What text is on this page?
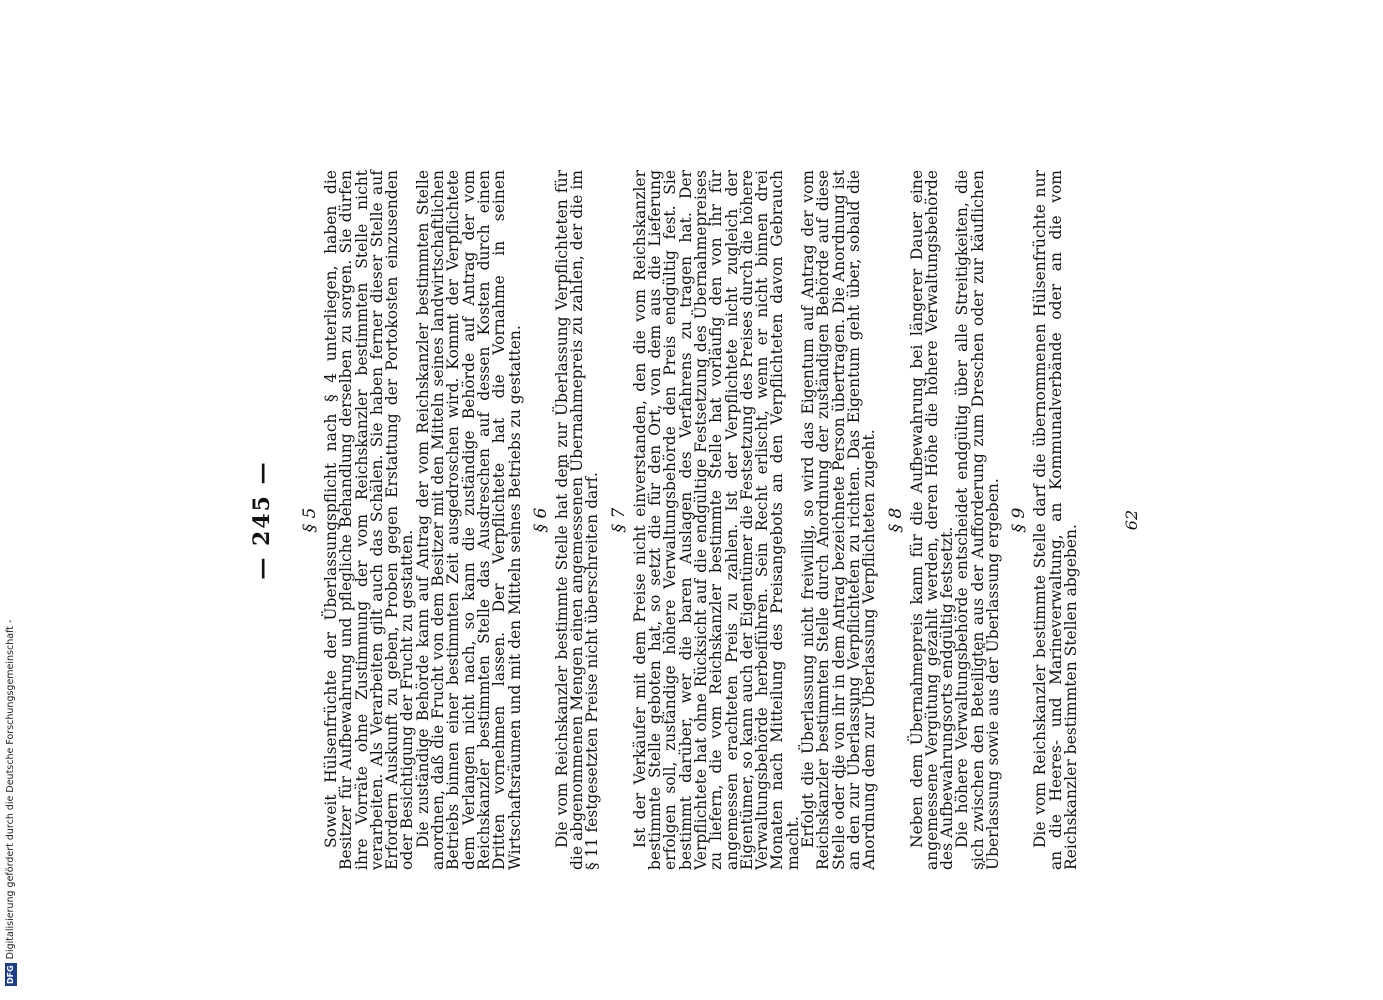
— 245 —	§ 5 Soweit Hülsenfrüchte der Überlassungspflicht nach § 4 unterliegen, haben die Besitzer für Aufbewahrung und pflegliche Behandlung derselben zu sorgen. Sie dürfen ihre Vorräte ohne Zustimmung der vom Reichskanzler bestimmten Stelle nicht verarbeiten. Als Verarbeiten gilt auch das Schälen. Sie haben ferner dieser Stelle auf Erfordern Auskunft zu geben, Proben gegen Erstattung der Portokosten einzusenden oder Besichtigung der Frucht zu gestatten.

Die zuständige Behörde kann auf Antrag der vom Reichskanzler bestimmten Stelle anordnen, daß die Frucht von dem Besitzer mit den Mitteln seines landwirtschaftlichen Betriebs binnen einer bestimmten Zeit ausgedroschen wird. Kommt der Verpflichtete dem Verlangen nicht nach, so kann die zuständige Behörde auf Antrag der vom Reichskanzler bestimmten Stelle das Ausdreschen auf dessen Kosten durch einen Dritten vornehmen lassen. Der Verpflichtete hat die Vornahme in seinen Wirtschaftsräumen und mit den Mitteln seines Betriebs zu gestatten. § 6 Die vom Reichskanzler bestimmte Stelle hat dem zur Überlassung Verpflichteten für die abgenommenen Mengen einen angemessenen Übernahmepreis zu zahlen, der die im § 11 festgesetzten Preise nicht überschreiten darf. § 7 Ist der Verkäufer mit dem Preise nicht einverstanden, den die vom Reichskanzler bestimmte Stelle geboten hat, so setzt die für den Ort, von dem aus die Lieferung erfolgen soll, zuständige höhere Verwaltungsbehörde den Preis endgültig fest. Sie bestimmt darüber, wer die baren Auslagen des Verfahrens zu tragen hat. Der Verpflichtete hat ohne Rücksicht auf die endgültige Festsetzung des Übernahmepreises zu liefern, die vom Reichskanzler bestimmte Stelle hat vorläufig den von ihr für angemessen erachteten Preis zu zahlen. Ist der Verpflichtete nicht zugleich der Eigentümer, so kann auch der Eigentümer die Festsetzung des Preises durch die höhere Verwaltungsbehörde herbeiführen. Sein Recht erlischt, wenn er nicht binnen drei Monaten nach Mitteilung des Preisangebots an den Verpflichteten davon Gebrauch macht.

Erfolgt die Überlassung nicht freiwillig, so wird das Eigentum auf Antrag der vom Reichskanzler bestimmten Stelle durch Anordnung der zuständigen Behörde auf diese Stelle oder die von ihr in dem Antrag bezeichnete Person übertragen. Die Anordnung ist an den zur Überlassung Verpflichteten zu richten. Das Eigentum geht über, sobald die Anordnung dem zur Überlassung Verpflichteten zugeht. § 8 Neben dem Übernahmepreis kann für die Aufbewahrung bei längerer Dauer eine angemessene Vergütung gezahlt werden, deren Höhe die höhere Verwaltungsbehörde des Aufbewahrungsorts endgültig festsetzt.

Die höhere Verwaltungsbehörde entscheidet endgültig über alle Streitigkeiten, die sich zwischen den Beteiligten aus der Aufforderung zum Dreschen oder zur käuflichen Überlassung sowie aus der Überlassung ergeben. § 9 Die vom Reichskanzler bestimmte Stelle darf die übernommenen Hülsenfrüchte nur an die Heeres- und Marineverwaltung, an Kommunalverbände oder an die vom Reichskanzler bestimmten Stellen abgeben.

62
DFGDigitalisierung gefördert durch die Deutsche Forschungsgemeinschaft -
